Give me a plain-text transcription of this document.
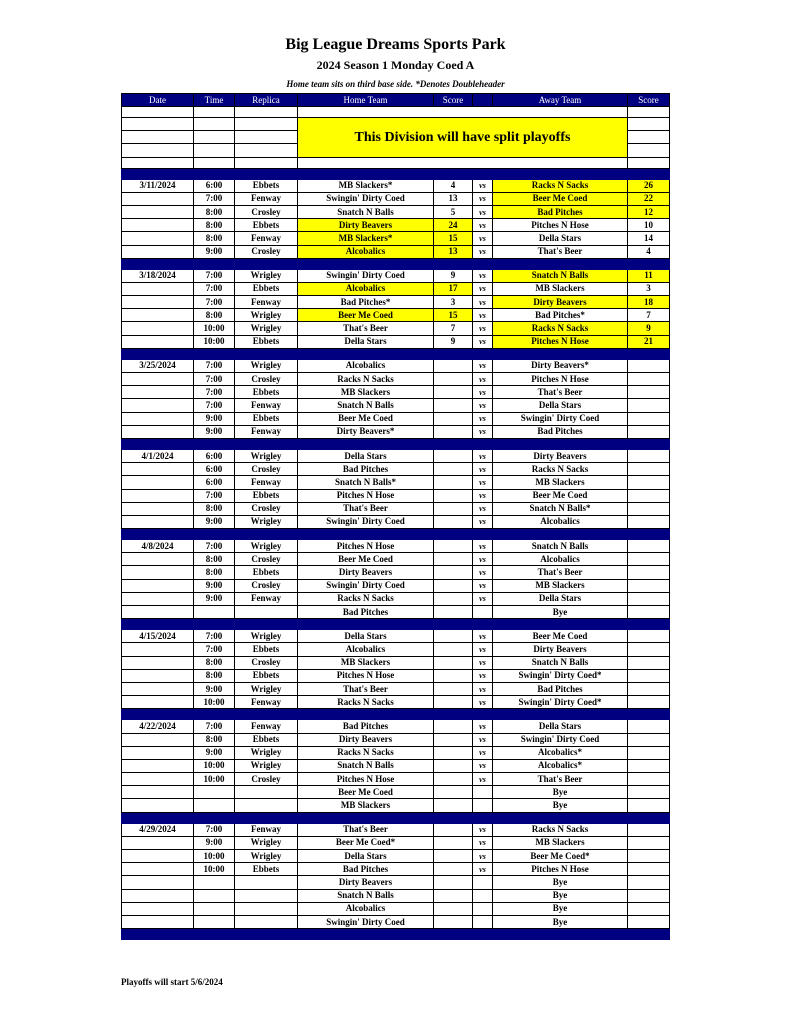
Big League Dreams Sports Park
2024 Season 1 Monday Coed A
Home team sits on third base side. *Denotes Doubleheader
Date	Time	Replica	Home Team	Score		Away Team	Score

			This Division will have split playoffs				

3/11/2024	6:00	Ebbets	MB Slackers*	4	vs	Racks N Sacks	26
	7:00	Fenway	Swingin' Dirty Coed	13	vs	Beer Me Coed	22
	8:00	Crosley	Snatch N Balls	5	vs	Bad Pitches	12
	8:00	Ebbets	Dirty Beavers	24	vs	Pitches N Hose	10
	8:00	Fenway	MB Slackers*	15	vs	Della Stars	14
	9:00	Crosley	Alcobalics	13	vs	That's Beer	4

3/18/2024	7:00	Wrigley	Swingin' Dirty Coed	9	vs	Snatch N Balls	11
	7:00	Ebbets	Alcobalics	17	vs	MB Slackers	3
	7:00	Fenway	Bad Pitches*	3	vs	Dirty Beavers	18
	8:00	Wrigley	Beer Me Coed	15	vs	Bad Pitches*	7
	10:00	Wrigley	That's Beer	7	vs	Racks N Sacks	9
	10:00	Ebbets	Della Stars	9	vs	Pitches N Hose	21

3/25/2024	7:00	Wrigley	Alcobalics		vs	Dirty Beavers*	
	7:00	Crosley	Racks N Sacks		vs	Pitches N Hose	
	7:00	Ebbets	MB Slackers		vs	That's Beer	
	7:00	Fenway	Snatch N Balls		vs	Della Stars	
	9:00	Ebbets	Beer Me Coed		vs	Swingin' Dirty Coed	
	9:00	Fenway	Dirty Beavers*		vs	Bad Pitches	

4/1/2024	6:00	Wrigley	Della Stars		vs	Dirty Beavers	
	6:00	Crosley	Bad Pitches		vs	Racks N Sacks	
	6:00	Fenway	Snatch N Balls*		vs	MB Slackers	
	7:00	Ebbets	Pitches N Hose		vs	Beer Me Coed	
	8:00	Crosley	That's Beer		vs	Snatch N Balls*	
	9:00	Wrigley	Swingin' Dirty Coed		vs	Alcobalics	

4/8/2024	7:00	Wrigley	Pitches N Hose		vs	Snatch N Balls	
	8:00	Crosley	Beer Me Coed		vs	Alcobalics	
	8:00	Ebbets	Dirty Beavers		vs	That's Beer	
	9:00	Crosley	Swingin' Dirty Coed		vs	MB Slackers	
	9:00	Fenway	Racks N Sacks		vs	Della Stars	
			Bad Pitches			Bye	

4/15/2024	7:00	Wrigley	Della Stars		vs	Beer Me Coed	
	7:00	Ebbets	Alcobalics		vs	Dirty Beavers	
	8:00	Crosley	MB Slackers		vs	Snatch N Balls	
	8:00	Ebbets	Pitches N Hose		vs	Swingin' Dirty Coed*	
	9:00	Wrigley	That's Beer		vs	Bad Pitches	
	10:00	Fenway	Racks N Sacks		vs	Swingin' Dirty Coed*	

4/22/2024	7:00	Fenway	Bad Pitches		vs	Della Stars	
	8:00	Ebbets	Dirty Beavers		vs	Swingin' Dirty Coed	
	9:00	Wrigley	Racks N Sacks		vs	Alcobalics*	
	10:00	Wrigley	Snatch N Balls		vs	Alcobalics*	
	10:00	Crosley	Pitches N Hose		vs	That's Beer	
			Beer Me Coed			Bye	
			MB Slackers			Bye	

4/29/2024	7:00	Fenway	That's Beer		vs	Racks N Sacks	
	9:00	Wrigley	Beer Me Coed*		vs	MB Slackers	
	10:00	Wrigley	Della Stars		vs	Beer Me Coed*	
	10:00	Ebbets	Bad Pitches		vs	Pitches N Hose	
			Dirty Beavers			Bye	
			Snatch N Balls			Bye	
			Alcobalics			Bye	
			Swingin' Dirty Coed			Bye	

Playoffs will start 5/6/2024
